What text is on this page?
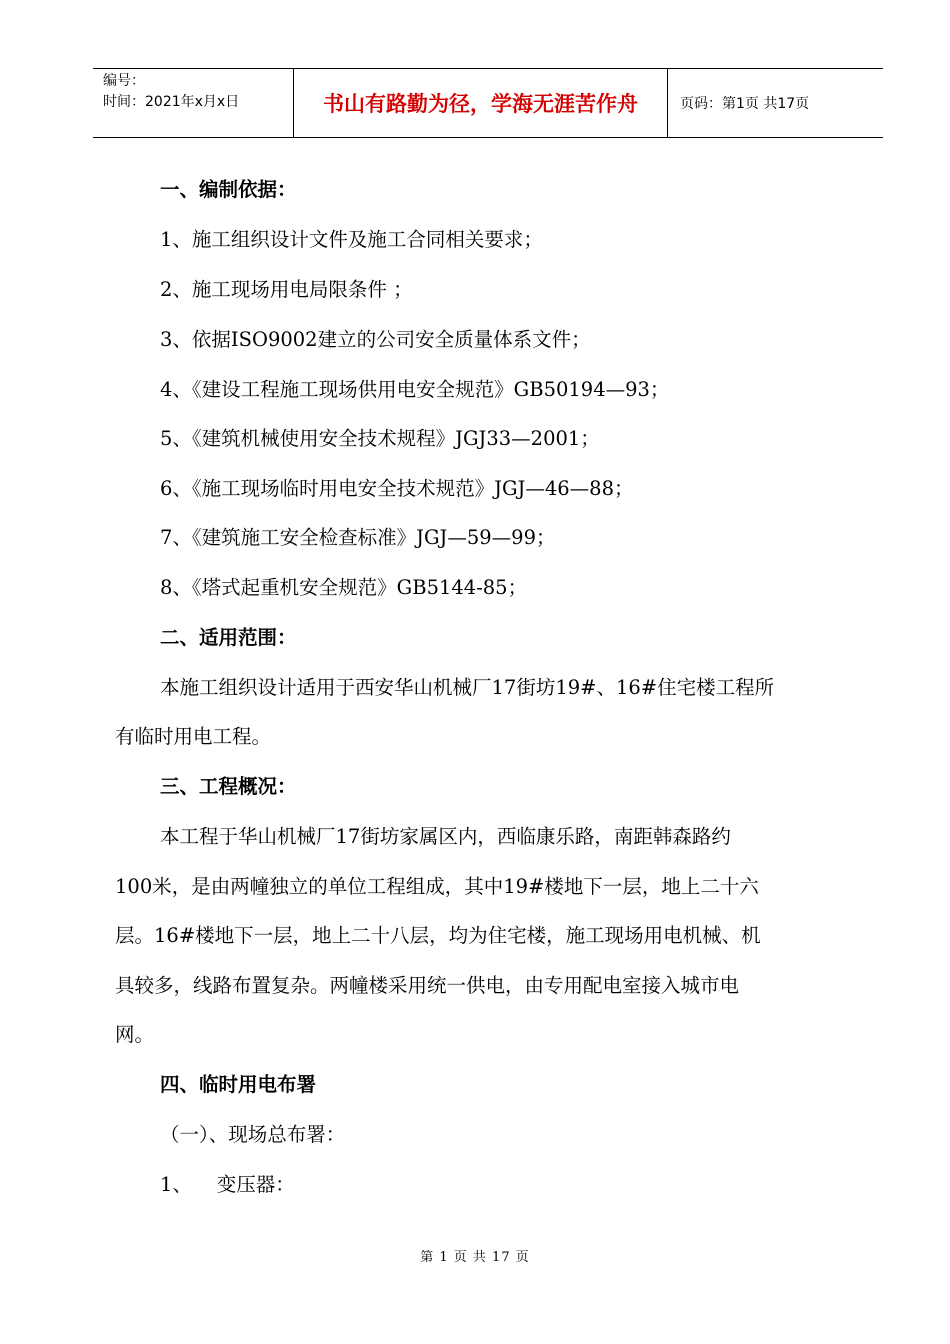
编号：
时间：2021年x月x日	书山有路勤为径，学海无涯苦作舟	页码：第1页 共17页
一、编制依据：
1、施工组织设计文件及施工合同相关要求；
2、施工现场用电局限条件 ；
3、依据ISO9002建立的公司安全质量体系文件；
4、《建设工程施工现场供用电安全规范》GB50194—93；
5、《建筑机械使用安全技术规程》JGJ33—2001；
6、《施工现场临时用电安全技术规范》JGJ—46—88；
7、《建筑施工安全检查标准》JGJ—59—99；
8、《塔式起重机安全规范》GB5144-85；
二、适用范围：
本施工组织设计适用于西安华山机械厂17街坊19#、16#住宅楼工程所
有临时用电工程。
三、工程概况：
本工程于华山机械厂17街坊家属区内，西临康乐路，南距韩森路约
100米，是由两幢独立的单位工程组成，其中19#楼地下一层，地上二十六
层。16#楼地下一层，地上二十八层，均为住宅楼，施工现场用电机械、机
具较多，线路布置复杂。两幢楼采用统一供电，由专用配电室接入城市电
网。
四、临时用电布署
（一）、现场总布署：
1、    变压器：
第 1 页 共 17 页
